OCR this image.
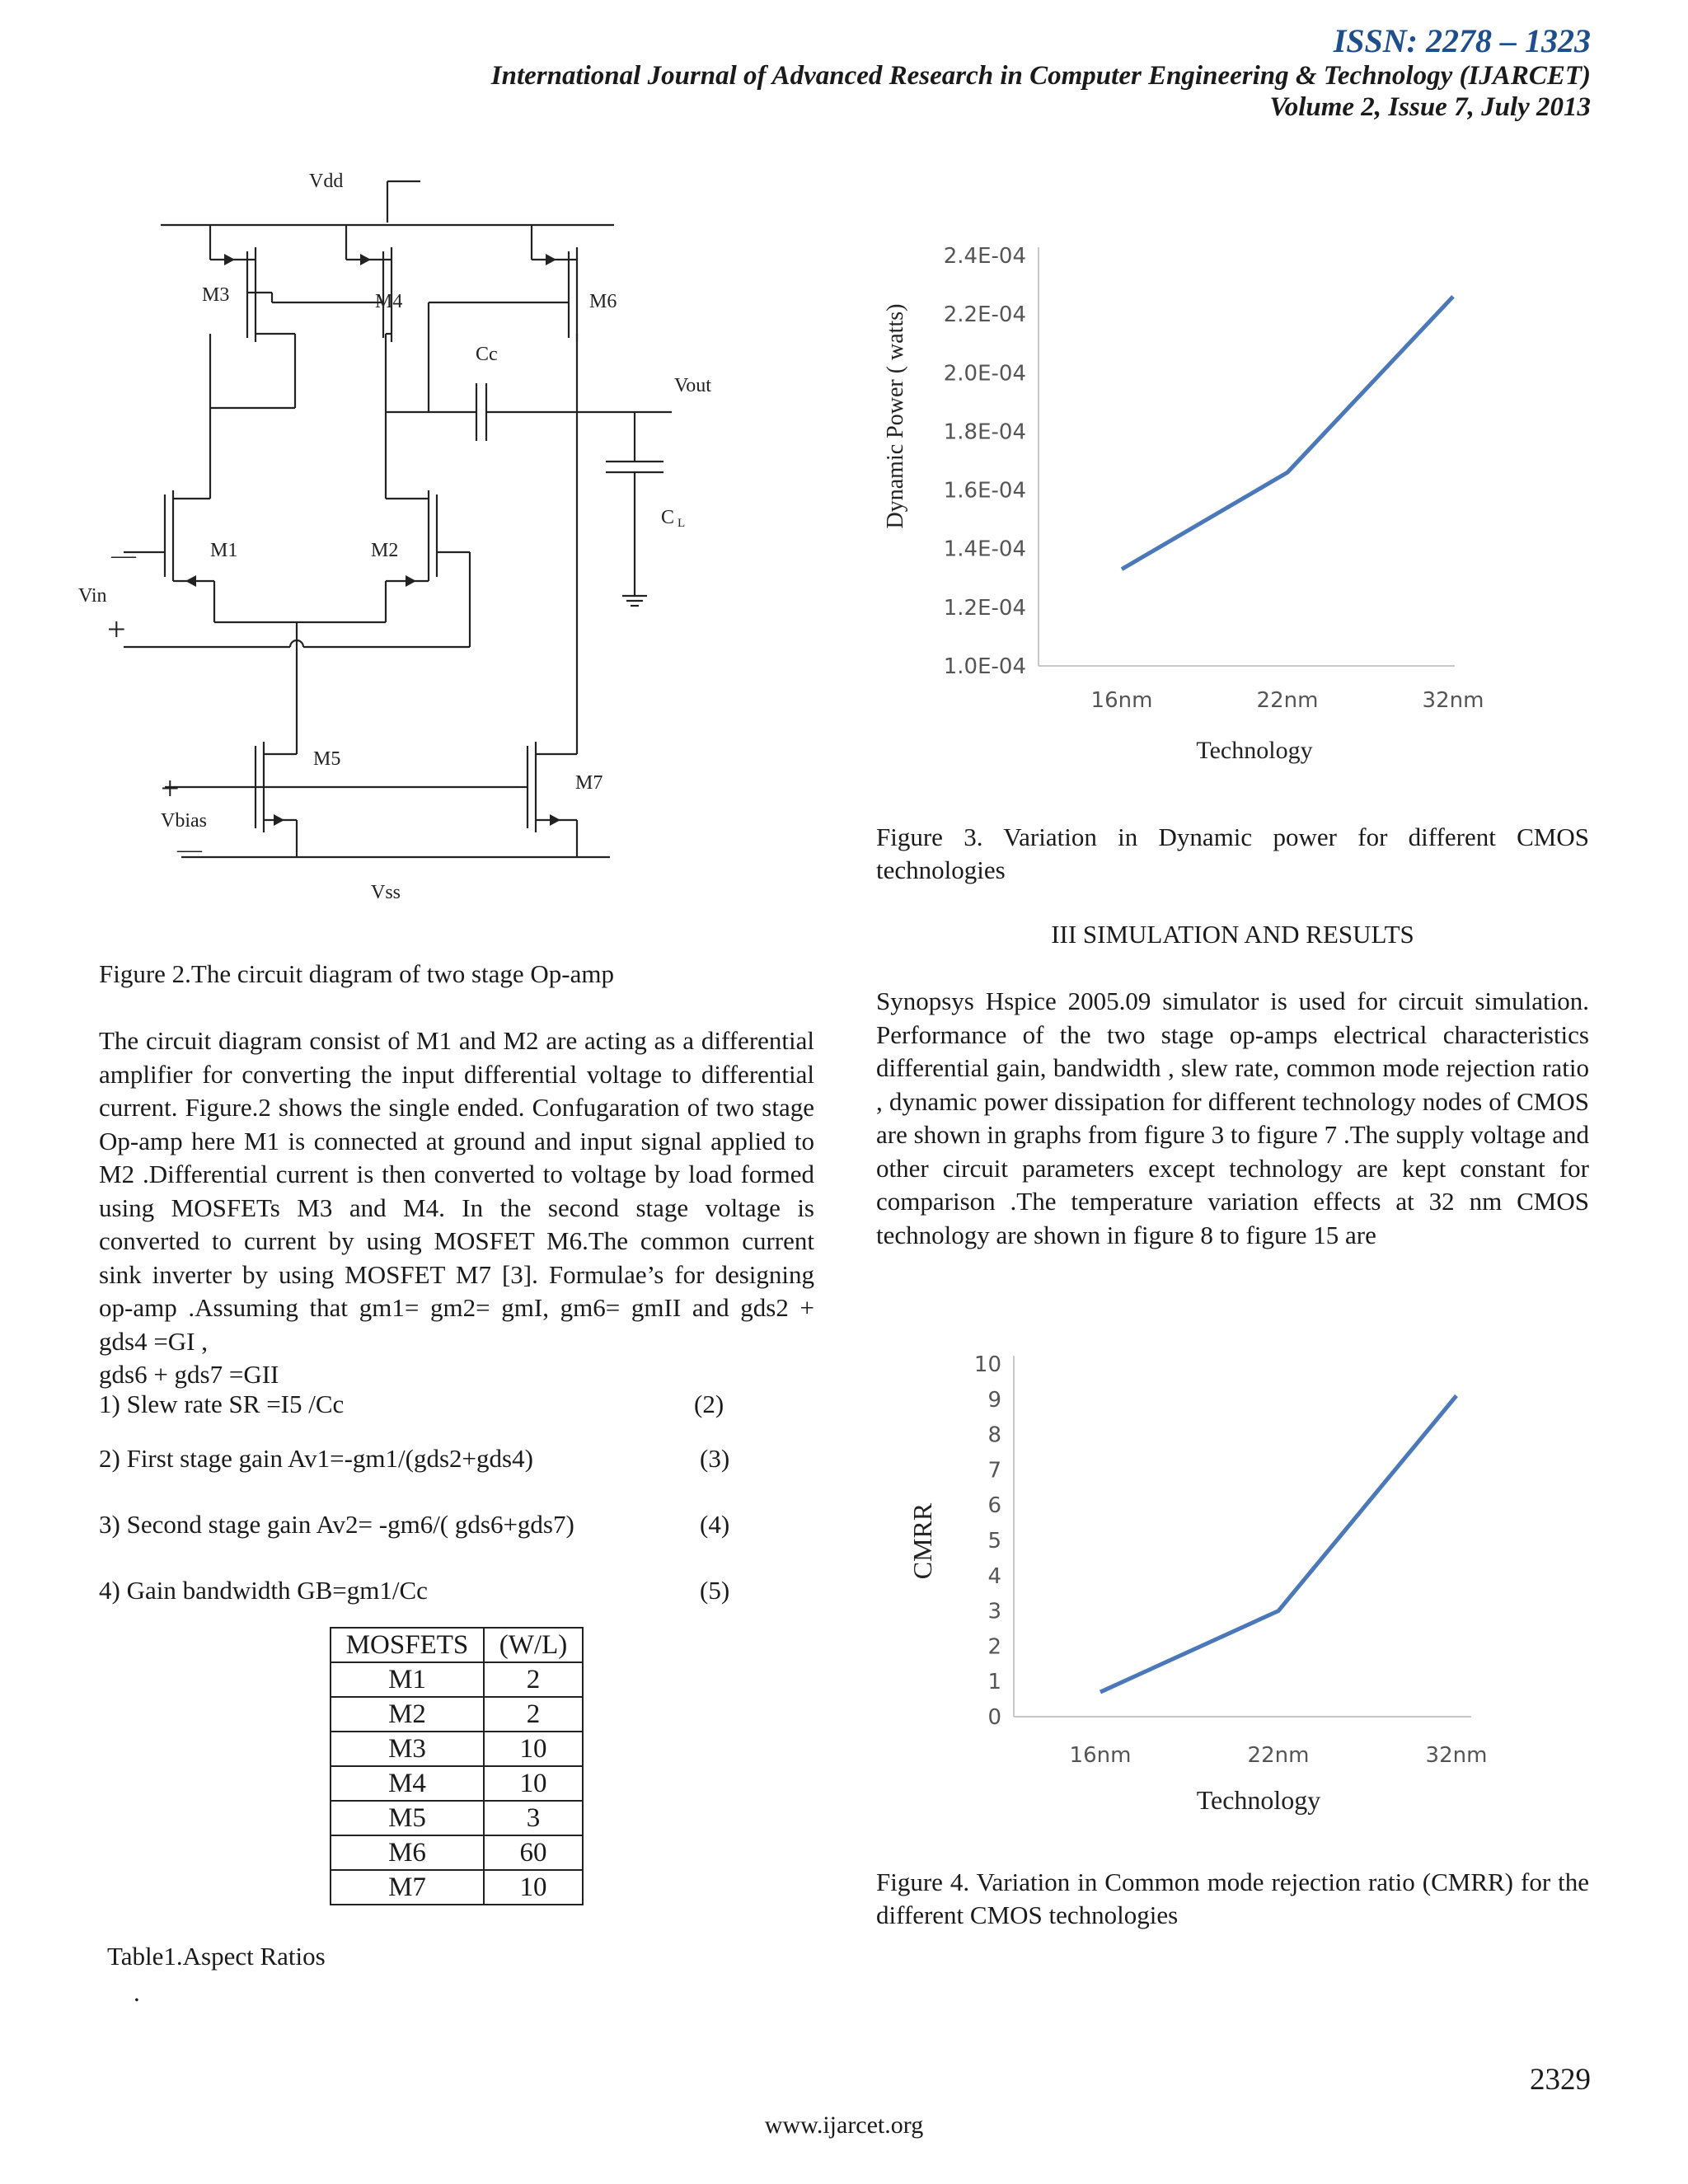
ISSN: 2278 – 1323
International Journal of Advanced Research in Computer Engineering & Technology (IJARCET)
Volume 2, Issue 7, July 2013
Vdd
M3	M4	M6
Cc
Vout
C L
M1	M2
—
Vin
+
M5
M7
+
Vbias
—
Vss
Figure 2.The circuit diagram of two stage Op-amp

The circuit diagram consist of M1 and M2 are acting as a differential amplifier for converting the input differential voltage to differential current. Figure.2 shows the single ended. Confugaration of two stage Op-amp here M1 is connected at ground and input signal applied to M2 .Differential current is then converted to voltage by load formed using MOSFETs M3 and M4. In the second stage voltage is converted to current by using MOSFET M6.The common current sink inverter by using MOSFET M7 [3]. Formulae’s for designing op-amp .Assuming that gm1= gm2= gmI, gm6= gmII and gds2 + gds4 =GI ,

gds6 + gds7 =GII

1) Slew rate SR =I5 /Cc	(2)
2) First stage gain Av1=-gm1/(gds2+gds4)	(3)
3) Second stage gain Av2= -gm6/( gds6+gds7)	(4)
4) Gain bandwidth GB=gm1/Cc	(5)
MOSFETS	(W/L)
M1	2
M2	2
M3	10
M4	10
M5	3
M6	60
M7	10
Table1.Aspect Ratios
.
Dynamic Power ( watts)
Technology
1.0E-04
1.2E-04
1.4E-04
1.6E-04
1.8E-04
2.0E-04
2.2E-04
2.4E-04
16nm	22nm	32nm
Figure 3. Variation in Dynamic power for different CMOS technologies
III SIMULATION AND RESULTS
Synopsys Hspice 2005.09 simulator is used for circuit simulation. Performance of the two stage op-amps electrical characteristics differential gain, bandwidth , slew rate, common mode rejection ratio , dynamic power dissipation for different technology nodes of CMOS are shown in graphs from figure 3 to figure 7 .The supply voltage and other circuit parameters except technology are kept constant for comparison .The temperature variation effects at 32 nm CMOS technology are shown in figure 8 to figure 15 are
CMRR
Technology
0
1
2
3
4
5
6
7
8
9
10
16nm	22nm	32nm
Figure 4. Variation in Common mode rejection ratio (CMRR) for the different CMOS technologies
2329
www.ijarcet.org
